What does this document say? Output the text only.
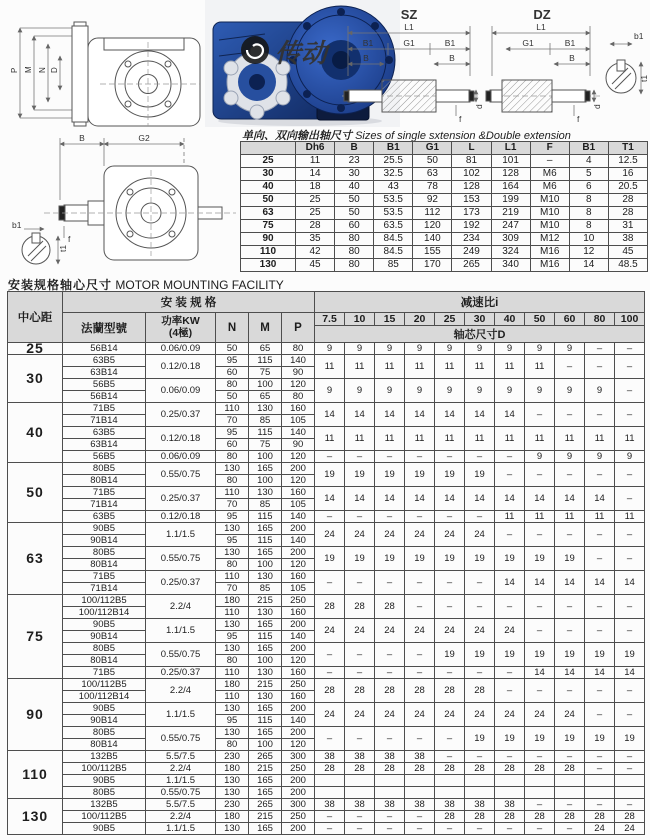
P M N D
传动
SZ
L1
B1	G1	B1
B	B
f
d
DZ
L1
G1	B1
B
f
d
b1
t1
B	G2
f
b1
t1
单向、双向输出轴尺寸 Sizes of single sxtension &Double extension
	Dh6	B	B1	G1	L	L1	F	B1	T1
25	11	23	25.5	50	81	101	–	4	12.5
30	14	30	32.5	63	102	128	M6	5	16
40	18	40	43	78	128	164	M6	6	20.5
50	25	50	53.5	92	153	199	M10	8	28
63	25	50	53.5	112	173	219	M10	8	28
75	28	60	63.5	120	192	247	M10	8	31
90	35	80	84.5	140	234	309	M12	10	38
110	42	80	84.5	155	249	324	M16	12	45
130	45	80	85	170	265	340	M16	14	48.5
安装规格轴心尺寸 MOTOR MOUNTING FACILITY
中心距	安 装 规 格					减速比i										
	法蘭型號	功率KW
(4極)	N	M	P	7.5	10	15	20	25	30	40	50	60	80	100
						轴芯尺寸D										
25	56B14	0.06/0.09	50	65	80	9	9	9	9	9	9	9	9	9	–	–
30	63B5	0.12/0.18	95	115	140	11	11	11	11	11	11	11	11	–	–	–
	63B14		60	75	90											
	56B5	0.06/0.09	80	100	120	9	9	9	9	9	9	9	9	9	9	–
	56B14		50	65	80											
40	71B5	0.25/0.37	110	130	160	14	14	14	14	14	14	14	–	–	–	–
	71B14		70	85	105											
	63B5	0.12/0.18	95	115	140	11	11	11	11	11	11	11	11	11	11	11
	63B14		60	75	90											
	56B5	0.06/0.09	80	100	120	–	–	–	–	–	–	–	9	9	9	9
50	80B5	0.55/0.75	130	165	200	19	19	19	19	19	19	–	–	–	–	–
	80B14		80	100	120											
	71B5	0.25/0.37	110	130	160	14	14	14	14	14	14	14	14	14	14	–
	71B14		70	85	105											
	63B5	0.12/0.18	95	115	140	–	–	–	–	–	–	11	11	11	11	11
63	90B5	1.1/1.5	130	165	200	24	24	24	24	24	24	–	–	–	–	–
	90B14		95	115	140											
	80B5	0.55/0.75	130	165	200	19	19	19	19	19	19	19	19	19	–	–
	80B14		80	100	120											
	71B5	0.25/0.37	110	130	160	–	–	–	–	–	–	14	14	14	14	14
	71B14		70	85	105											
75	100/112B5	2.2/4	180	215	250	28	28	28	–	–	–	–	–	–	–	–
	100/112B14		110	130	160											
	90B5	1.1/1.5	130	165	200	24	24	24	24	24	24	24	–	–	–	–
	90B14		95	115	140											
	80B5	0.55/0.75	130	165	200	–	–	–	–	19	19	19	19	19	19	19
	80B14		80	100	120											
	71B5	0.25/0.37	110	130	160	–	–	–	–	–	–	–	14	14	14	14
90	100/112B5	2.2/4	180	215	250	28	28	28	28	28	28	–	–	–	–	–
	100/112B14		110	130	160											
	90B5	1.1/1.5	130	165	200	24	24	24	24	24	24	24	24	24	–	–
	90B14		95	115	140											
	80B5	0.55/0.75	130	165	200	–	–	–	–	–	19	19	19	19	19	19
	80B14		80	100	120											
110	132B5	5.5/7.5	230	265	300	38	38	38	38	–	–	–	–	–	–	–
	100/112B5	2.2/4	180	215	250	28	28	28	28	28	28	28	28	28	–	–
	90B5	1.1/1.5	130	165	200											
	80B5	0.55/0.75	130	165	200											
130	132B5	5.5/7.5	230	265	300	38	38	38	38	38	38	38	–	–	–	–
	100/112B5	2.2/4	180	215	250	–	–	–	–	28	28	28	28	28	28	28
	90B5	1.1/1.5	130	165	200	–	–	–	–	–	–	–	–	–	24	24
